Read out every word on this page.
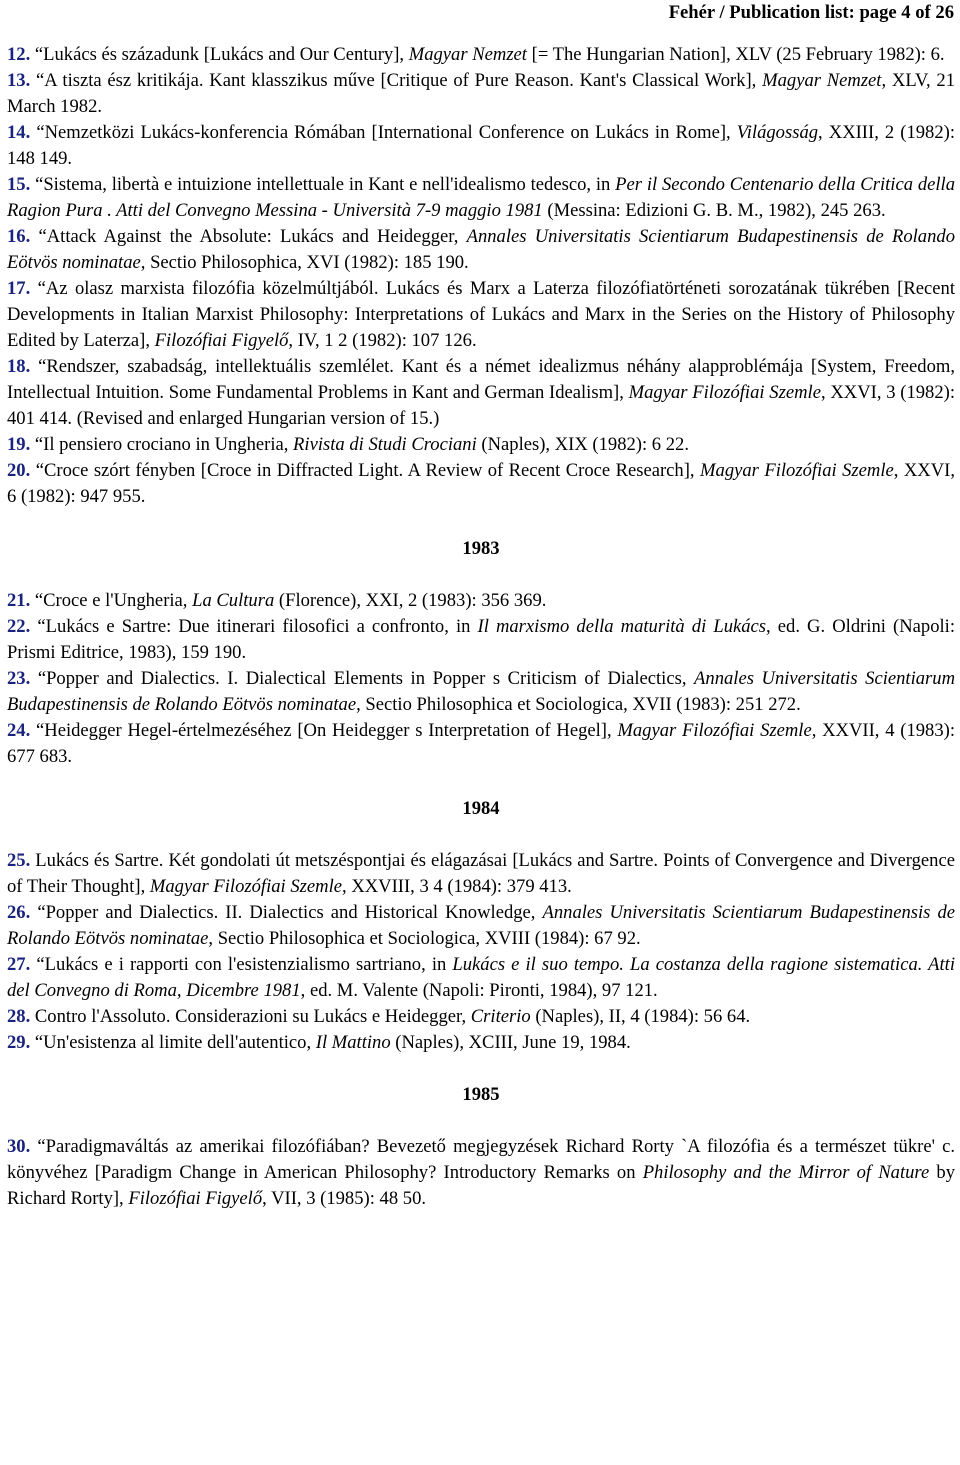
Fehér / Publication list: page 4 of 26

12. “Lukács és századunk [Lukács and Our Century], Magyar Nemzet [= The Hungarian Nation], XLV (25 February 1982): 6.

13. “A tiszta ész kritikája. Kant klasszikus műve [Critique of Pure Reason. Kant's Classical Work], Magyar Nemzet, XLV, 21 March 1982.

14. “Nemzetközi Lukács-konferencia Rómában [International Conference on Lukács in Rome], Világosság, XXIII, 2 (1982): 148 149.

15. “Sistema, libertà e intuizione intellettuale in Kant e nell'idealismo tedesco, in Per il Secondo Centenario della Critica della Ragion Pura . Atti del Convegno Messina - Università 7-9 maggio 1981 (Messina: Edizioni G. B. M., 1982), 245 263.

16. “Attack Against the Absolute: Lukács and Heidegger, Annales Universitatis Scientiarum Budapestinensis de Rolando Eötvös nominatae, Sectio Philosophica, XVI (1982): 185 190.

17. “Az olasz marxista filozófia közelmúltjából. Lukács és Marx a Laterza filozófiatörténeti sorozatának tükrében [Recent Developments in Italian Marxist Philosophy: Interpretations of Lukács and Marx in the Series on the History of Philosophy Edited by Laterza], Filozófiai Figyelő, IV, 1 2 (1982): 107 126.

18. “Rendszer, szabadság, intellektuális szemlélet. Kant és a német idealizmus néhány alapproblémája [System, Freedom, Intellectual Intuition. Some Fundamental Problems in Kant and German Idealism], Magyar Filozófiai Szemle, XXVI, 3 (1982): 401 414. (Revised and enlarged Hungarian version of 15.)

19. “Il pensiero crociano in Ungheria, Rivista di Studi Crociani (Naples), XIX (1982): 6 22.

20. “Croce szórt fényben [Croce in Diffracted Light. A Review of Recent Croce Research], Magyar Filozófiai Szemle, XXVI, 6 (1982): 947 955.

1983

21. “Croce e l'Ungheria, La Cultura (Florence), XXI, 2 (1983): 356 369.

22. “Lukács e Sartre: Due itinerari filosofici a confronto, in Il marxismo della maturità di Lukács, ed. G. Oldrini (Napoli: Prismi Editrice, 1983), 159 190.

23. “Popper and Dialectics. I. Dialectical Elements in Popper s Criticism of Dialectics, Annales Universitatis Scientiarum Budapestinensis de Rolando Eötvös nominatae, Sectio Philosophica et Sociologica, XVII (1983): 251 272.

24. “Heidegger Hegel-értelmezéséhez [On Heidegger s Interpretation of Hegel], Magyar Filozófiai Szemle, XXVII, 4 (1983): 677 683.

1984

25. Lukács és Sartre. Két gondolati út metszéspontjai és elágazásai [Lukács and Sartre. Points of Convergence and Divergence of Their Thought], Magyar Filozófiai Szemle, XXVIII, 3 4 (1984): 379 413.

26. “Popper and Dialectics. II. Dialectics and Historical Knowledge, Annales Universitatis Scientiarum Budapestinensis de Rolando Eötvös nominatae, Sectio Philosophica et Sociologica, XVIII (1984): 67 92.

27. “Lukács e i rapporti con l'esistenzialismo sartriano, in Lukács e il suo tempo. La costanza della ragione sistematica. Atti del Convegno di Roma, Dicembre 1981, ed. M. Valente (Napoli: Pironti, 1984), 97 121.

28. Contro l'Assoluto. Considerazioni su Lukács e Heidegger, Criterio (Naples), II, 4 (1984): 56 64.

29. “Un'esistenza al limite dell'autentico, Il Mattino (Naples), XCIII, June 19, 1984.

1985

30. “Paradigmaváltás az amerikai filozófiában? Bevezető megjegyzések Richard Rorty `A filozófia és a természet tükre' c. könyvéhez [Paradigm Change in American Philosophy? Introductory Remarks on Philosophy and the Mirror of Nature by Richard Rorty], Filozófiai Figyelő, VII, 3 (1985): 48 50.
